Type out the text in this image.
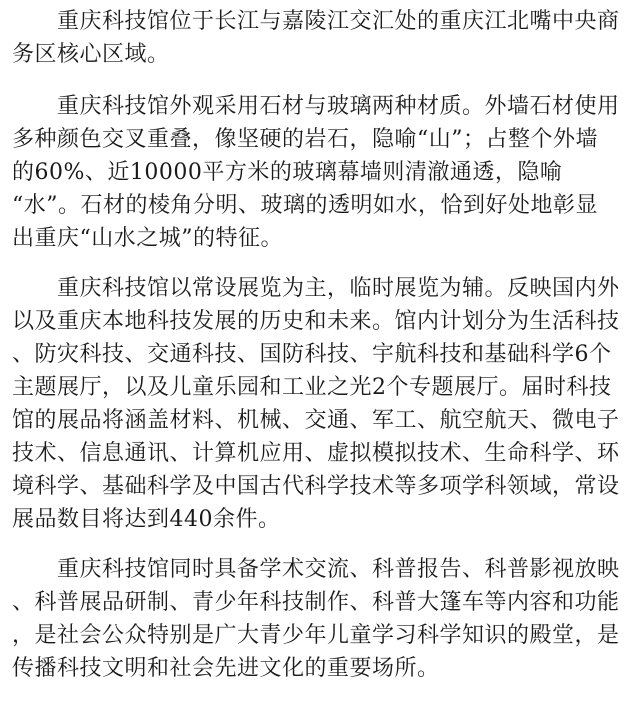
　　重庆科技馆位于长江与嘉陵江交汇处的重庆江北嘴中央商
务区核心区域。
　　重庆科技馆外观采用石材与玻璃两种材质。外墙石材使用
多种颜色交叉重叠，像坚硬的岩石，隐喻“山”；占整个外墙
的60%、近10000平方米的玻璃幕墙则清澈通透，隐喻
“水”。石材的棱角分明、玻璃的透明如水，恰到好处地彰显
出重庆“山水之城”的特征。
　　重庆科技馆以常设展览为主，临时展览为辅。反映国内外
以及重庆本地科技发展的历史和未来。馆内计划分为生活科技
、防灾科技、交通科技、国防科技、宇航科技和基础科学6个
主题展厅，以及儿童乐园和工业之光2个专题展厅。届时科技
馆的展品将涵盖材料、机械、交通、军工、航空航天、微电子
技术、信息通讯、计算机应用、虚拟模拟技术、生命科学、环
境科学、基础科学及中国古代科学技术等多项学科领域，常设
展品数目将达到440余件。
　　重庆科技馆同时具备学术交流、科普报告、科普影视放映
、科普展品研制、青少年科技制作、科普大篷车等内容和功能
，是社会公众特别是广大青少年儿童学习科学知识的殿堂，是
传播科技文明和社会先进文化的重要场所。
